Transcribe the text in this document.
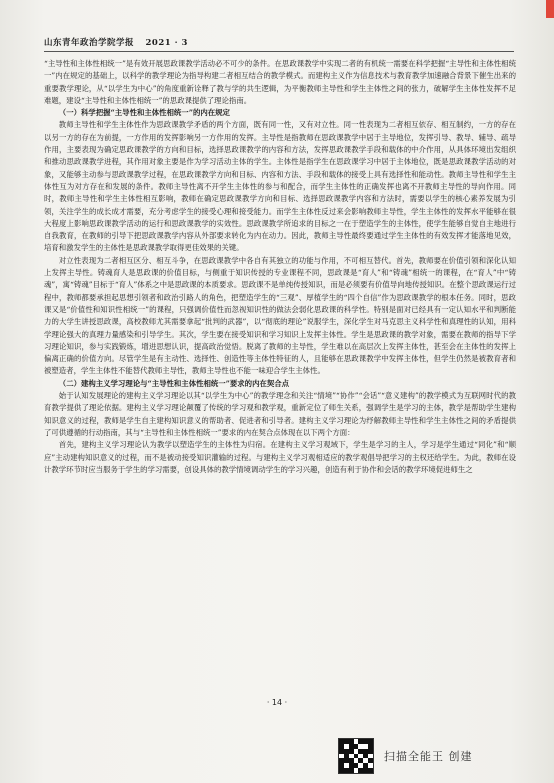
山东青年政治学院学报 2021 · 3

“主导性和主体性相统一”是有效开展思政课教学活动必不可少的条件。在思政课教学中实现二者的有机统一需要在科学把握“主导性和主体性相统一”内在规定的基础上，以科学的教学理论为指导构建二者相互结合的教学模式。而建构主义作为信息技术与教育教学加速融合背景下催生出来的重要教学理论，从“以学生为中心”的角度重新诠释了教与学的共生逻辑，为平衡教师主导性和学生主体性之间的张力，破解学生主体性发挥不足难题，建设“主导性和主体性相统一”的思政课提供了理论指南。

（一）科学把握“主导性和主体性相统一”的内在规定

教师主导性和学生主体性作为思政课教学矛盾的两个方面，既有同一性，又有对立性。同一性表现为二者相互依存、相互制约，一方的存在以另一方的存在为前提，一方作用的发挥影响另一方作用的发挥。主导性是指教师在思政课教学中居于主导地位，发挥引导、教导、辅导、疏导作用，主要表现为确定思政课教学的方向和目标，选择思政课教学的内容和方法，发挥思政课教学手段和载体的中介作用，从具体环境出发组织和推动思政课教学进程，其作用对象主要是作为学习活动主体的学生。主体性是指学生在思政课学习中居于主体地位，既是思政课教学活动的对象，又能够主动参与思政课教学过程，在思政课教学方向和目标、内容和方法、手段和载体的接受上具有选择性和能动性。教师主导性和学生主体性互为对方存在和发展的条件。教师主导性离不开学生主体性的参与和配合，而学生主体性的正确发挥也离不开教师主导性的导向作用。同时，教师主导性和学生主体性相互影响，教师在确定思政课教学方向和目标、选择思政课教学内容和方法时，需要以学生的核心素养发展为引领，关注学生的成长成才需要，充分考虑学生的接受心理和接受能力。而学生主体性反过来会影响教师主导性，学生主体性的发挥水平能够在很大程度上影响思政课教学活动的运行和思政课教学的实效性。思政课教学所追求的目标之一在于塑造学生的主体性，使学生能够自觉自主地进行自我教育，在教师的引导下把思政课教学内容从外部要求转化为内在动力。因此，教师主导性最终要通过学生主体性的有效发挥才能落地见效，培育和激发学生的主体性是思政课教学取得更佳效果的关键。

对立性表现为二者相互区分、相互斗争，在思政课教学中各自有其独立的功能与作用，不可相互替代。首先，教师要在价值引领和深化认知上发挥主导性。铸魂育人是思政课的价值目标，与侧重于知识传授的专业课程不同，思政课是“育人”和“铸魂”相统一的课程，在“育人”中“铸魂”，寓“铸魂”目标于“育人”体系之中是思政课的本质要求。思政课不是单纯传授知识，而是必须要有价值导向地传授知识。在整个思政课运行过程中，教师都要承担起思想引领者和政治引路人的角色，把塑造学生的“三观”、厚植学生的“四个自信”作为思政课教学的根本任务。同时，思政课又是“价值性和知识性相统一”的课程，只强调价值性而忽视知识性的做法会弱化思政课的科学性。特别是面对已经具有一定认知水平和判断能力的大学生讲授思政课，高校教师尤其需要拿起“批判的武器”，以“彻底的理论”说服学生，深化学生对马克思主义科学性和真理性的认知，用科学理论强大的真理力量感染和引导学生。其次，学生要在接受知识和学习知识上发挥主体性。学生是思政课的教学对象，需要在教师的指导下学习理论知识，参与实践锻炼，增进思想认识，提高政治觉悟。脱离了教师的主导性，学生难以在高层次上发挥主体性，甚至会在主体性的发挥上偏离正确的价值方向。尽管学生是有主动性、选择性、创造性等主体性特征的人，且能够在思政课教学中发挥主体性，但学生仍然是被教育者和被塑造者，学生主体性不能替代教师主导性，教师主导性也不能一味迎合学生主体性。

（二）建构主义学习理论与“主导性和主体性相统一”要求的内在契合点

始于认知发展理论的建构主义学习理论以其“以学生为中心”的教学理念和关注“情境”“协作”“会话”“意义建构”的教学模式为互联网时代的教育教学提供了理论依据。建构主义学习理论颠覆了传统的学习观和教学观，重新定位了师生关系，强调学生是学习的主体，教学是帮助学生建构知识意义的过程，教师是学生自主建构知识意义的帮助者、促进者和引导者。建构主义学习理论为纾解教师主导性和学生主体性之间的矛盾提供了可供遵循的行动指南，其与“主导性和主体性相统一”要求的内在契合点体现在以下两个方面：

首先，建构主义学习理论认为教学以塑造学生的主体性为归宿。在建构主义学习观域下，学生是学习的主人，学习是学生通过“同化”和“顺应”主动建构知识意义的过程，而不是被动接受知识灌输的过程。与建构主义学习观相适应的教学观倡导把学习的主权还给学生。为此，教师在设计教学环节时应当服务于学生的学习需要，创设具体的教学情境调动学生的学习兴趣，创造有利于协作和会话的教学环境促进师生之

· 14 ·
扫描全能王 创建
